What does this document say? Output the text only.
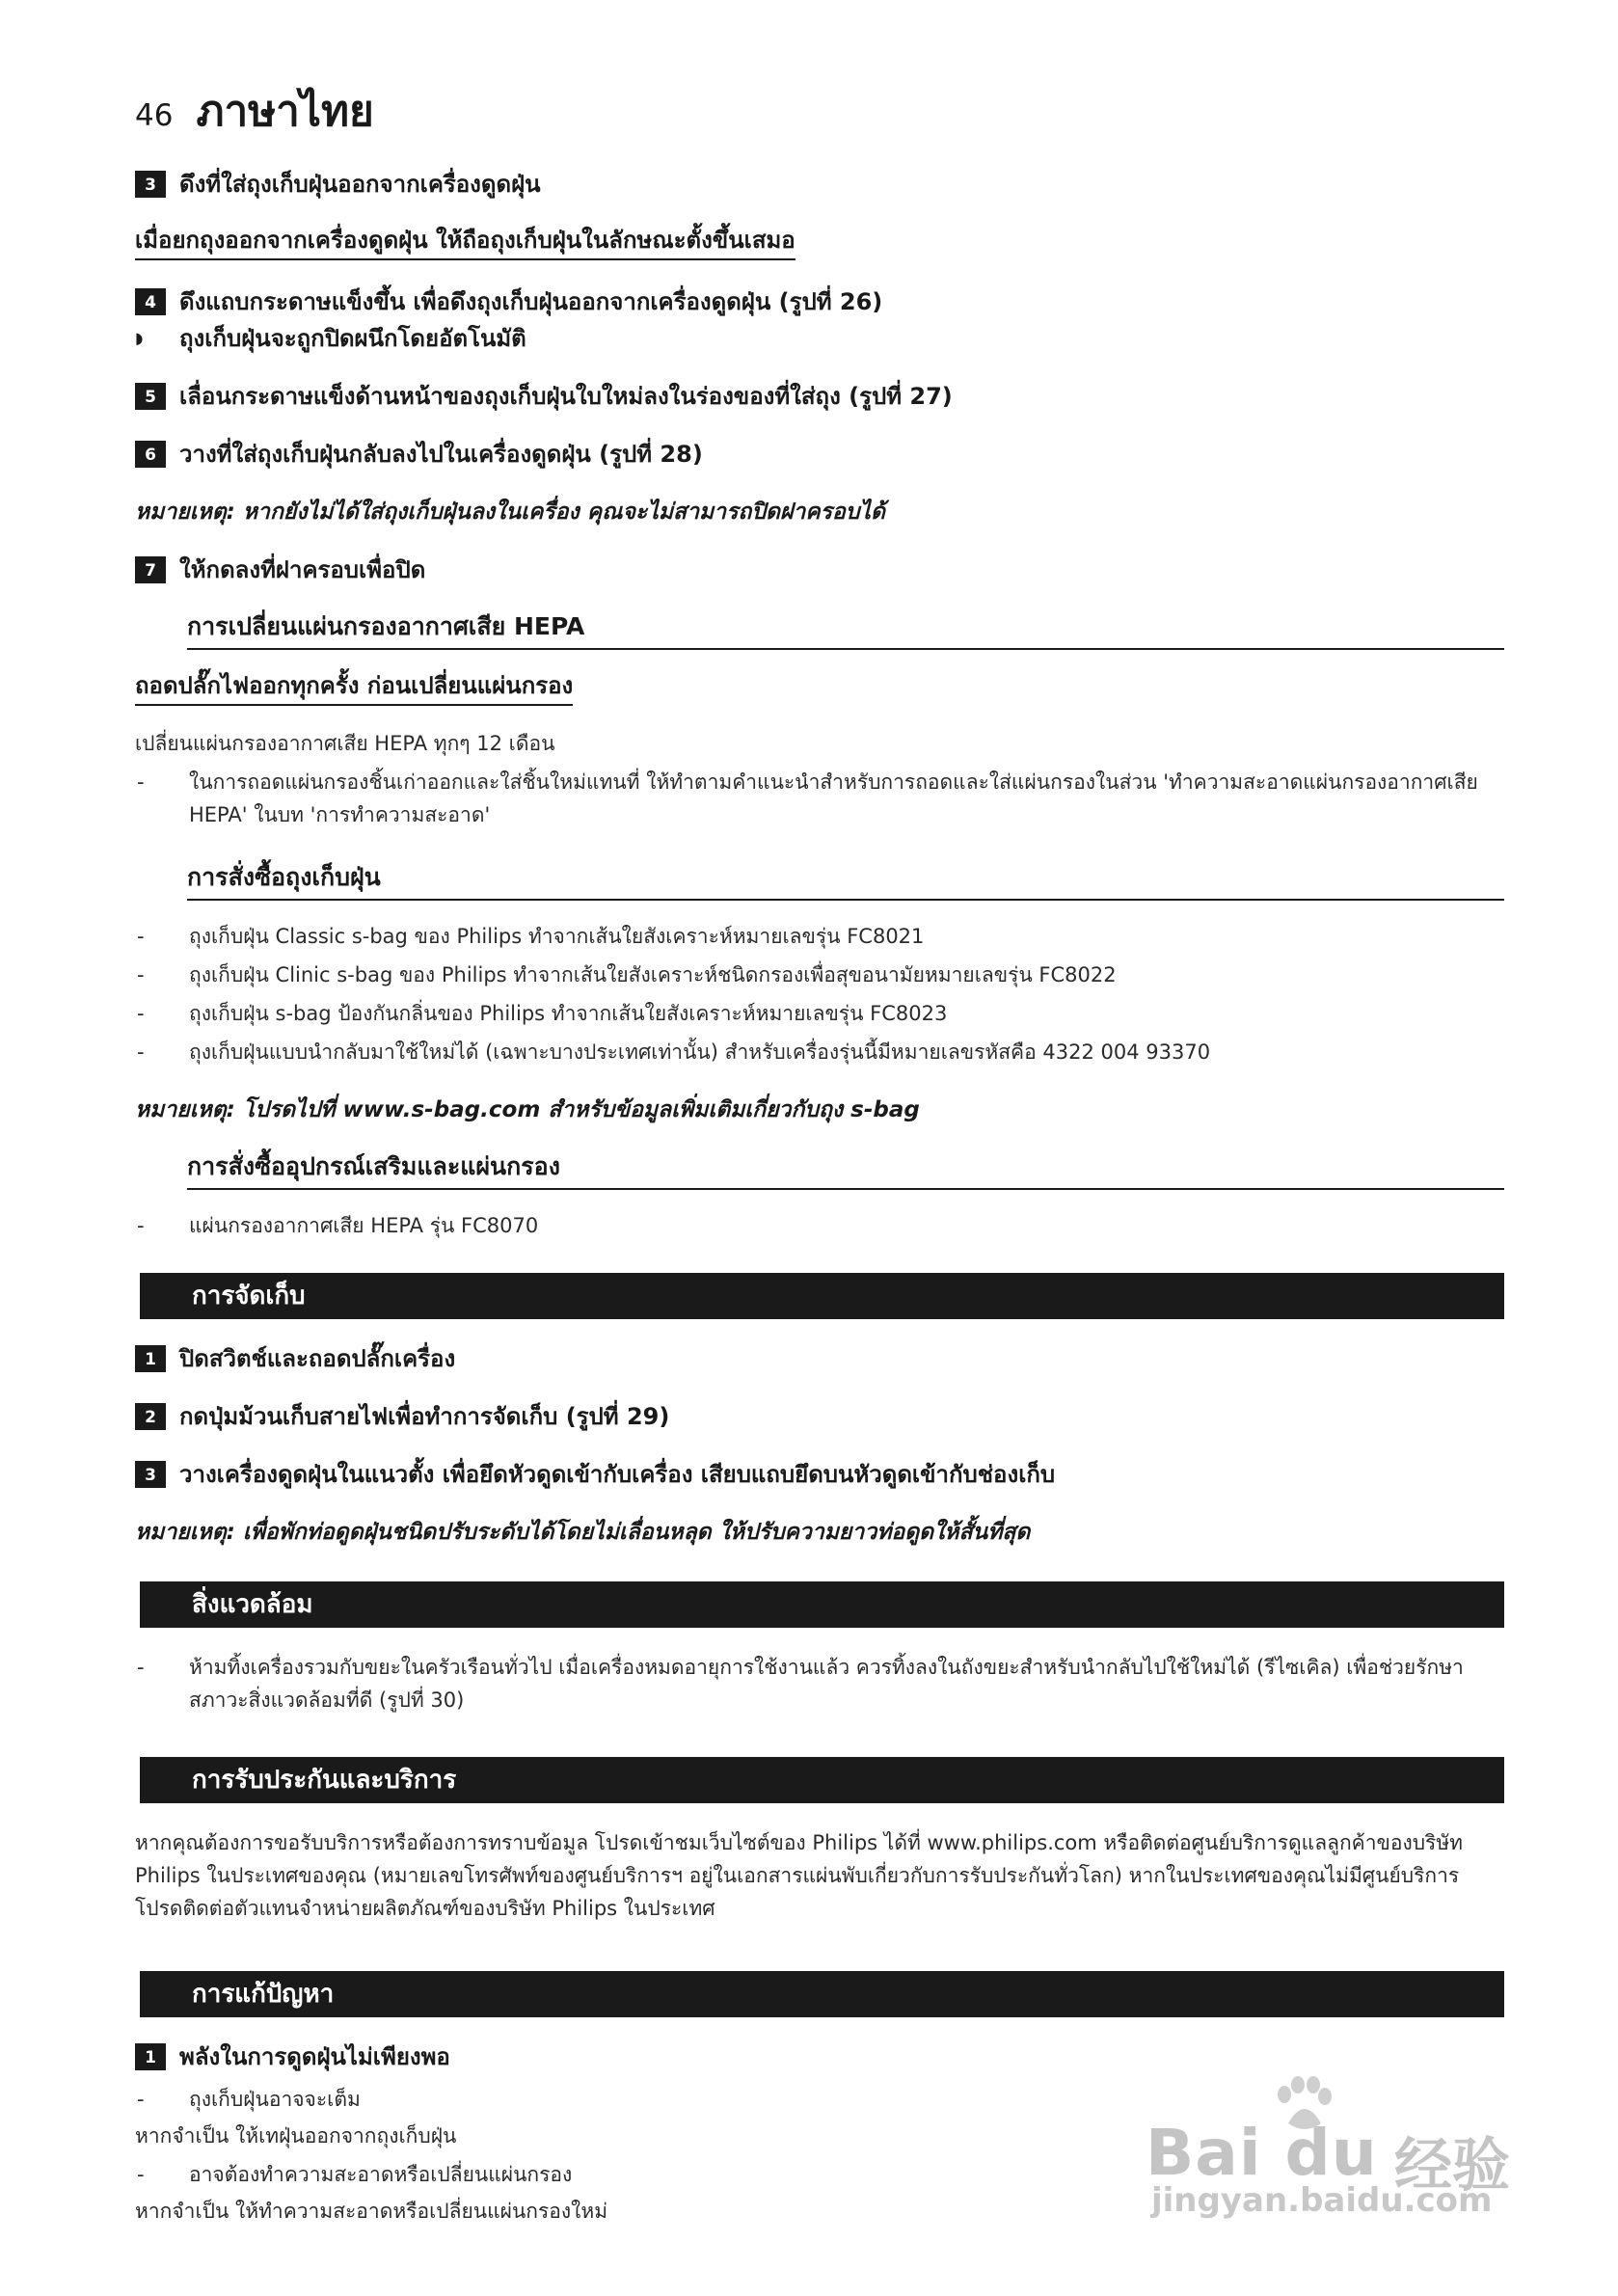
46 ภาษาไทย
3	ดึงที่ใส่ถุงเก็บฝุ่นออกจากเครื่องดูดฝุ่น
เมื่อยกถุงออกจากเครื่องดูดฝุ่น ให้ถือถุงเก็บฝุ่นในลักษณะตั้งขึ้นเสมอ
4	ดึงแถบกระดาษแข็งขึ้น เพื่อดึงถุงเก็บฝุ่นออกจากเครื่องดูดฝุ่น (รูปที่ 26)
◗	ถุงเก็บฝุ่นจะถูกปิดผนึกโดยอัตโนมัติ
5	เลื่อนกระดาษแข็งด้านหน้าของถุงเก็บฝุ่นใบใหม่ลงในร่องของที่ใส่ถุง (รูปที่ 27)
6	วางที่ใส่ถุงเก็บฝุ่นกลับลงไปในเครื่องดูดฝุ่น (รูปที่ 28)
หมายเหตุ: หากยังไม่ได้ใส่ถุงเก็บฝุ่นลงในเครื่อง คุณจะไม่สามารถปิดฝาครอบได้
7	ให้กดลงที่ฝาครอบเพื่อปิด
การเปลี่ยนแผ่นกรองอากาศเสีย HEPA
ถอดปลั๊กไฟออกทุกครั้ง ก่อนเปลี่ยนแผ่นกรอง
เปลี่ยนแผ่นกรองอากาศเสีย HEPA ทุกๆ 12 เดือน
-	ในการถอดแผ่นกรองชิ้นเก่าออกและใส่ชิ้นใหม่แทนที่ ให้ทำตามคำแนะนำสำหรับการถอดและใส่แผ่นกรองในส่วน 'ทำความสะอาดแผ่นกรองอากาศเสีย HEPA' ในบท 'การทำความสะอาด'
การสั่งซื้อถุงเก็บฝุ่น
-	ถุงเก็บฝุ่น Classic s-bag ของ Philips ทำจากเส้นใยสังเคราะห์หมายเลขรุ่น FC8021
-	ถุงเก็บฝุ่น Clinic s-bag ของ Philips ทำจากเส้นใยสังเคราะห์ชนิดกรองเพื่อสุขอนามัยหมายเลขรุ่น FC8022
-	ถุงเก็บฝุ่น s-bag ป้องกันกลิ่นของ Philips ทำจากเส้นใยสังเคราะห์หมายเลขรุ่น FC8023
-	ถุงเก็บฝุ่นแบบนำกลับมาใช้ใหม่ได้ (เฉพาะบางประเทศเท่านั้น) สำหรับเครื่องรุ่นนี้มีหมายเลขรหัสคือ 4322 004 93370
หมายเหตุ: โปรดไปที่ www.s-bag.com สำหรับข้อมูลเพิ่มเติมเกี่ยวกับถุง s-bag
การสั่งซื้ออุปกรณ์เสริมและแผ่นกรอง
-	แผ่นกรองอากาศเสีย HEPA รุ่น FC8070
การจัดเก็บ
1	ปิดสวิตช์และถอดปลั๊กเครื่อง
2	กดปุ่มม้วนเก็บสายไฟเพื่อทำการจัดเก็บ (รูปที่ 29)
3	วางเครื่องดูดฝุ่นในแนวตั้ง เพื่อยึดหัวดูดเข้ากับเครื่อง เสียบแถบยึดบนหัวดูดเข้ากับช่องเก็บ
หมายเหตุ: เพื่อพักท่อดูดฝุ่นชนิดปรับระดับได้โดยไม่เลื่อนหลุด ให้ปรับความยาวท่อดูดให้สั้นที่สุด
สิ่งแวดล้อม
-	ห้ามทิ้งเครื่องรวมกับขยะในครัวเรือนทั่วไป เมื่อเครื่องหมดอายุการใช้งานแล้ว ควรทิ้งลงในถังขยะสำหรับนำกลับไปใช้ใหม่ได้ (รีไซเคิล) เพื่อช่วยรักษาสภาวะสิ่งแวดล้อมที่ดี (รูปที่ 30)
การรับประกันและบริการ
หากคุณต้องการขอรับบริการหรือต้องการทราบข้อมูล โปรดเข้าชมเว็บไซต์ของ Philips ได้ที่ www.philips.com หรือติดต่อศูนย์บริการดูแลลูกค้าของบริษัท Philips ในประเทศของคุณ (หมายเลขโทรศัพท์ของศูนย์บริการฯ อยู่ในเอกสารแผ่นพับเกี่ยวกับการรับประกันทั่วโลก) หากในประเทศของคุณไม่มีศูนย์บริการ โปรดติดต่อตัวแทนจำหน่ายผลิตภัณฑ์ของบริษัท Philips ในประเทศ
การแก้ปัญหา
1	พลังในการดูดฝุ่นไม่เพียงพอ
-	ถุงเก็บฝุ่นอาจจะเต็ม
หากจำเป็น ให้เทฝุ่นออกจากถุงเก็บฝุ่น
-	อาจต้องทำความสะอาดหรือเปลี่ยนแผ่นกรอง
หากจำเป็น ให้ทำความสะอาดหรือเปลี่ยนแผ่นกรองใหม่
Bai du 经验
jingyan.baidu.com
